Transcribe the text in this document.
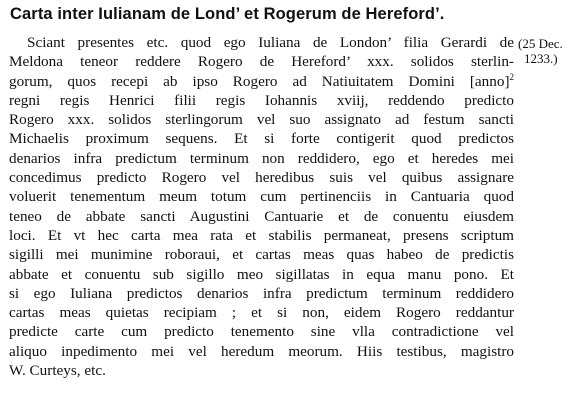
Carta inter Iulianam de Lond’ et Rogerum de Hereford’.
(25 Dec.
1233.)
Sciant presentes etc. quod ego Iuliana de London’ filia Gerardi de
Meldona teneor reddere Rogero de Hereford’ xxx. solidos sterlin-
gorum, quos recepi ab ipso Rogero ad Natiuitatem Domini [anno]$^2$
regni regis Henrici filii regis Iohannis xviij, reddendo predicto
Rogero xxx. solidos sterlingorum vel suo assignato ad festum sancti
Michaelis proximum sequens. Et si forte contigerit quod predictos
denarios infra predictum terminum non reddidero, ego et heredes mei
concedimus predicto Rogero vel heredibus suis vel quibus assignare
voluerit tenementum meum totum cum pertinenciis in Cantuaria quod
teneo de abbate sancti Augustini Cantuarie et de conuentu eiusdem
loci. Et vt hec carta mea rata et stabilis permaneat, presens scriptum
sigilli mei munimine roboraui, et cartas meas quas habeo de predictis
abbate et conuentu sub sigillo meo sigillatas in equa manu pono. Et
si ego Iuliana predictos denarios infra predictum terminum reddidero
cartas meas quietas recipiam ; et si non, eidem Rogero reddantur
predicte carte cum predicto tenemento sine vlla contradictione vel
aliquo inpedimento mei vel heredum meorum. Hiis testibus, magistro
W. Curteys, etc.
